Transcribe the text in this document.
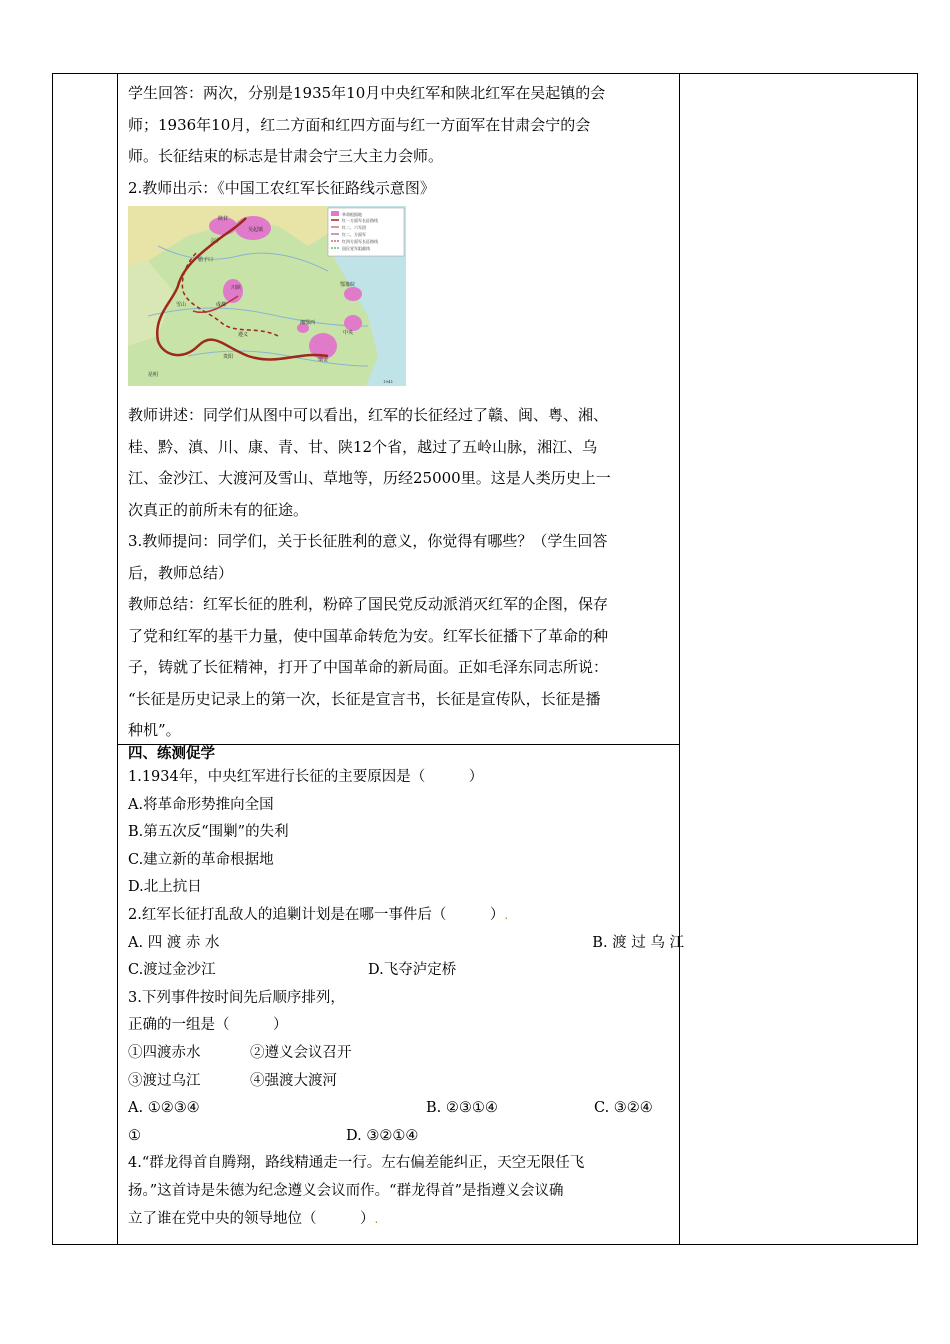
学生回答：两次，分别是1935年10月中央红军和陕北红军在吴起镇的会

师；1936年10月，红二方面和红四方面与红一方面军在甘肃会宁的会

师。长征结束的标志是甘肃会宁三大主力会师。

2.教师出示：《中国工农红军长征路线示意图》

革命根据地
红一方面军长征路线
红二、六军团
红二、方面军
红四方面军长征路线
国民党军阻截线
陕甘
吴起镇
会宁
腊子口
川陕
湘鄂西
鄂豫皖
遵义
贵阳
中央
瑞金
昆明
成都
雪山
1941

教师讲述：同学们从图中可以看出，红军的长征经过了赣、闽、粤、湘、

桂、黔、滇、川、康、青、甘、陕12个省，越过了五岭山脉，湘江、乌

江、金沙江、大渡河及雪山、草地等，历经25000里。这是人类历史上一

次真正的前所未有的征途。

3.教师提问：同学们，关于长征胜利的意义，你觉得有哪些？（学生回答

后，教师总结）

教师总结：红军长征的胜利，粉碎了国民党反动派消灭红军的企图，保存

了党和红军的基干力量，使中国革命转危为安。红军长征播下了革命的种

子，铸就了长征精神，打开了中国革命的新局面。正如毛泽东同志所说：

“长征是历史记录上的第一次，长征是宣言书，长征是宣传队，长征是播

种机”。

四、练测促学

1.1934年，中央红军进行长征的主要原因是（　　　）

A.将革命形势推向全国

B.第五次反“围剿”的失利

C.建立新的革命根据地

D.北上抗日

2.红军长征打乱敌人的追剿计划是在哪一事件后（　　　）.

A. 四 渡 赤 水	B. 渡 过 乌 江

C.渡过金沙江	D.飞夺泸定桥

3.下列事件按时间先后顺序排列，

正确的一组是（　　　）

①四渡赤水	②遵义会议召开

③渡过乌江	④强渡大渡河

A. ①②③④	B. ②③①④	C. ③②④

①	D. ③②①④

4.“群龙得首自腾翔，路线精通走一行。左右偏差能纠正，天空无限任飞

扬。”这首诗是朱德为纪念遵义会议而作。“群龙得首”是指遵义会议确

立了谁在党中央的领导地位（　　　）.
